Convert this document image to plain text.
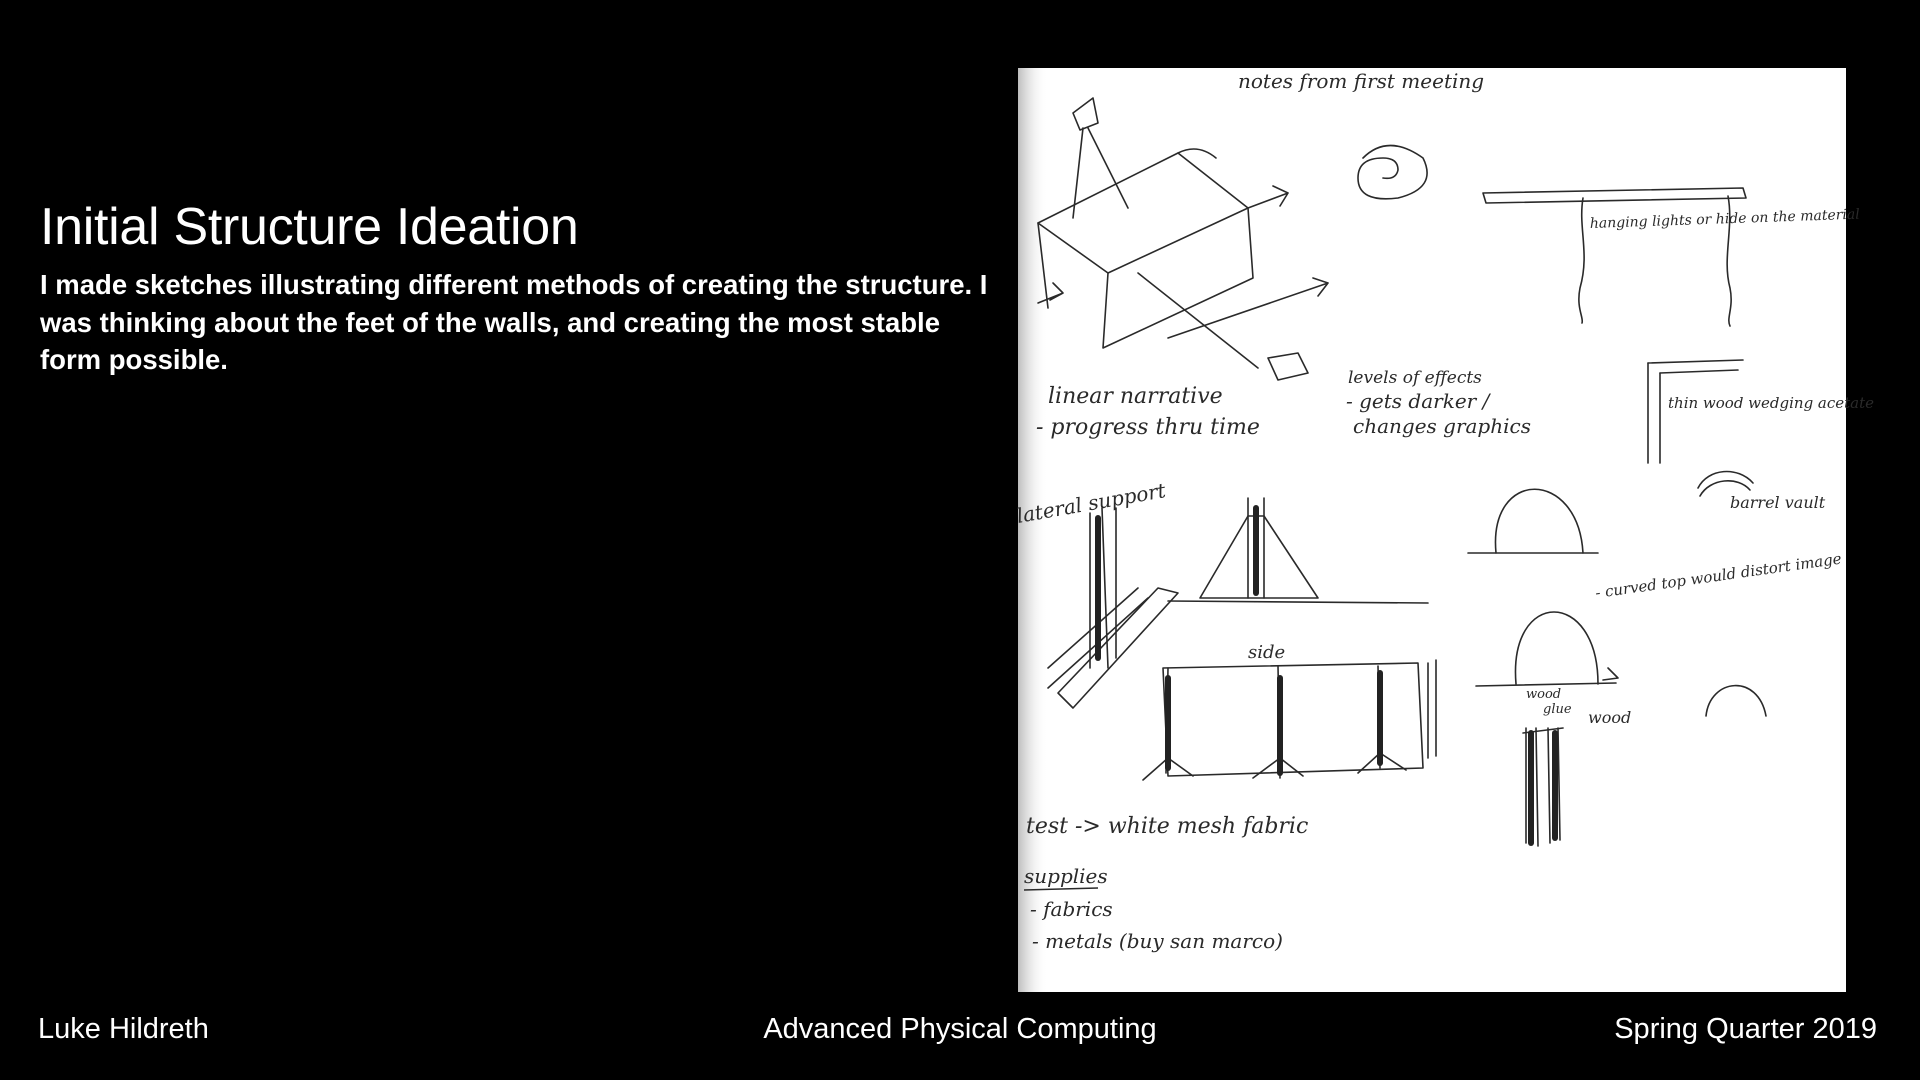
Initial Structure Ideation

I made sketches illustrating different methods of creating the structure. I was thinking about the feet of the walls, and creating the most stable form possible.

notes from first meeting
hanging lights or hide on the material
linear narrative
- progress thru time
levels of effects
- gets darker /
changes graphics
thin wood wedging acetate
barrel vault
- curved top would distort image
lateral support
side
wood
glue wood
test -> white mesh fabric
supplies
- fabrics
- metals (buy san marco)
Luke Hildreth	Advanced Physical Computing	Spring Quarter 2019
